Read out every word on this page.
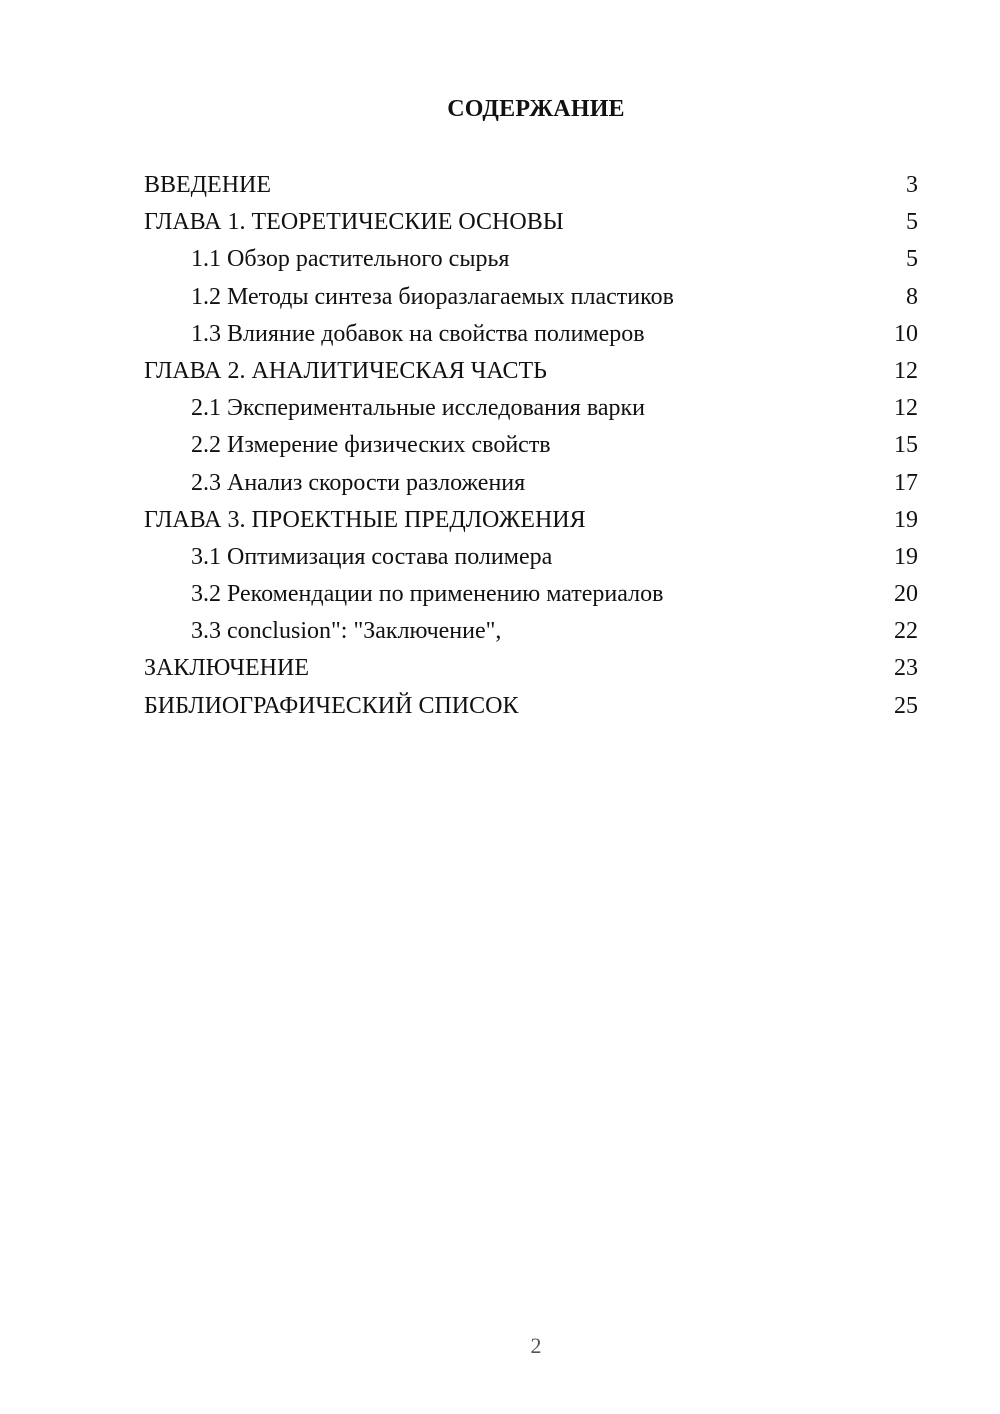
СОДЕРЖАНИЕ
ВВЕДЕНИЕ	3
ГЛАВА 1. ТЕОРЕТИЧЕСКИЕ ОСНОВЫ	5
1.1 Обзор растительного сырья	5
1.2 Методы синтеза биоразлагаемых пластиков	8
1.3 Влияние добавок на свойства полимеров	10
ГЛАВА 2. АНАЛИТИЧЕСКАЯ ЧАСТЬ	12
2.1 Экспериментальные исследования варки	12
2.2 Измерение физических свойств	15
2.3 Анализ скорости разложения	17
ГЛАВА 3. ПРОЕКТНЫЕ ПРЕДЛОЖЕНИЯ	19
3.1 Оптимизация состава полимера	19
3.2 Рекомендации по применению материалов	20
3.3 conclusion": "Заключение",	22
ЗАКЛЮЧЕНИЕ	23
БИБЛИОГРАФИЧЕСКИЙ СПИСОК	25
2
